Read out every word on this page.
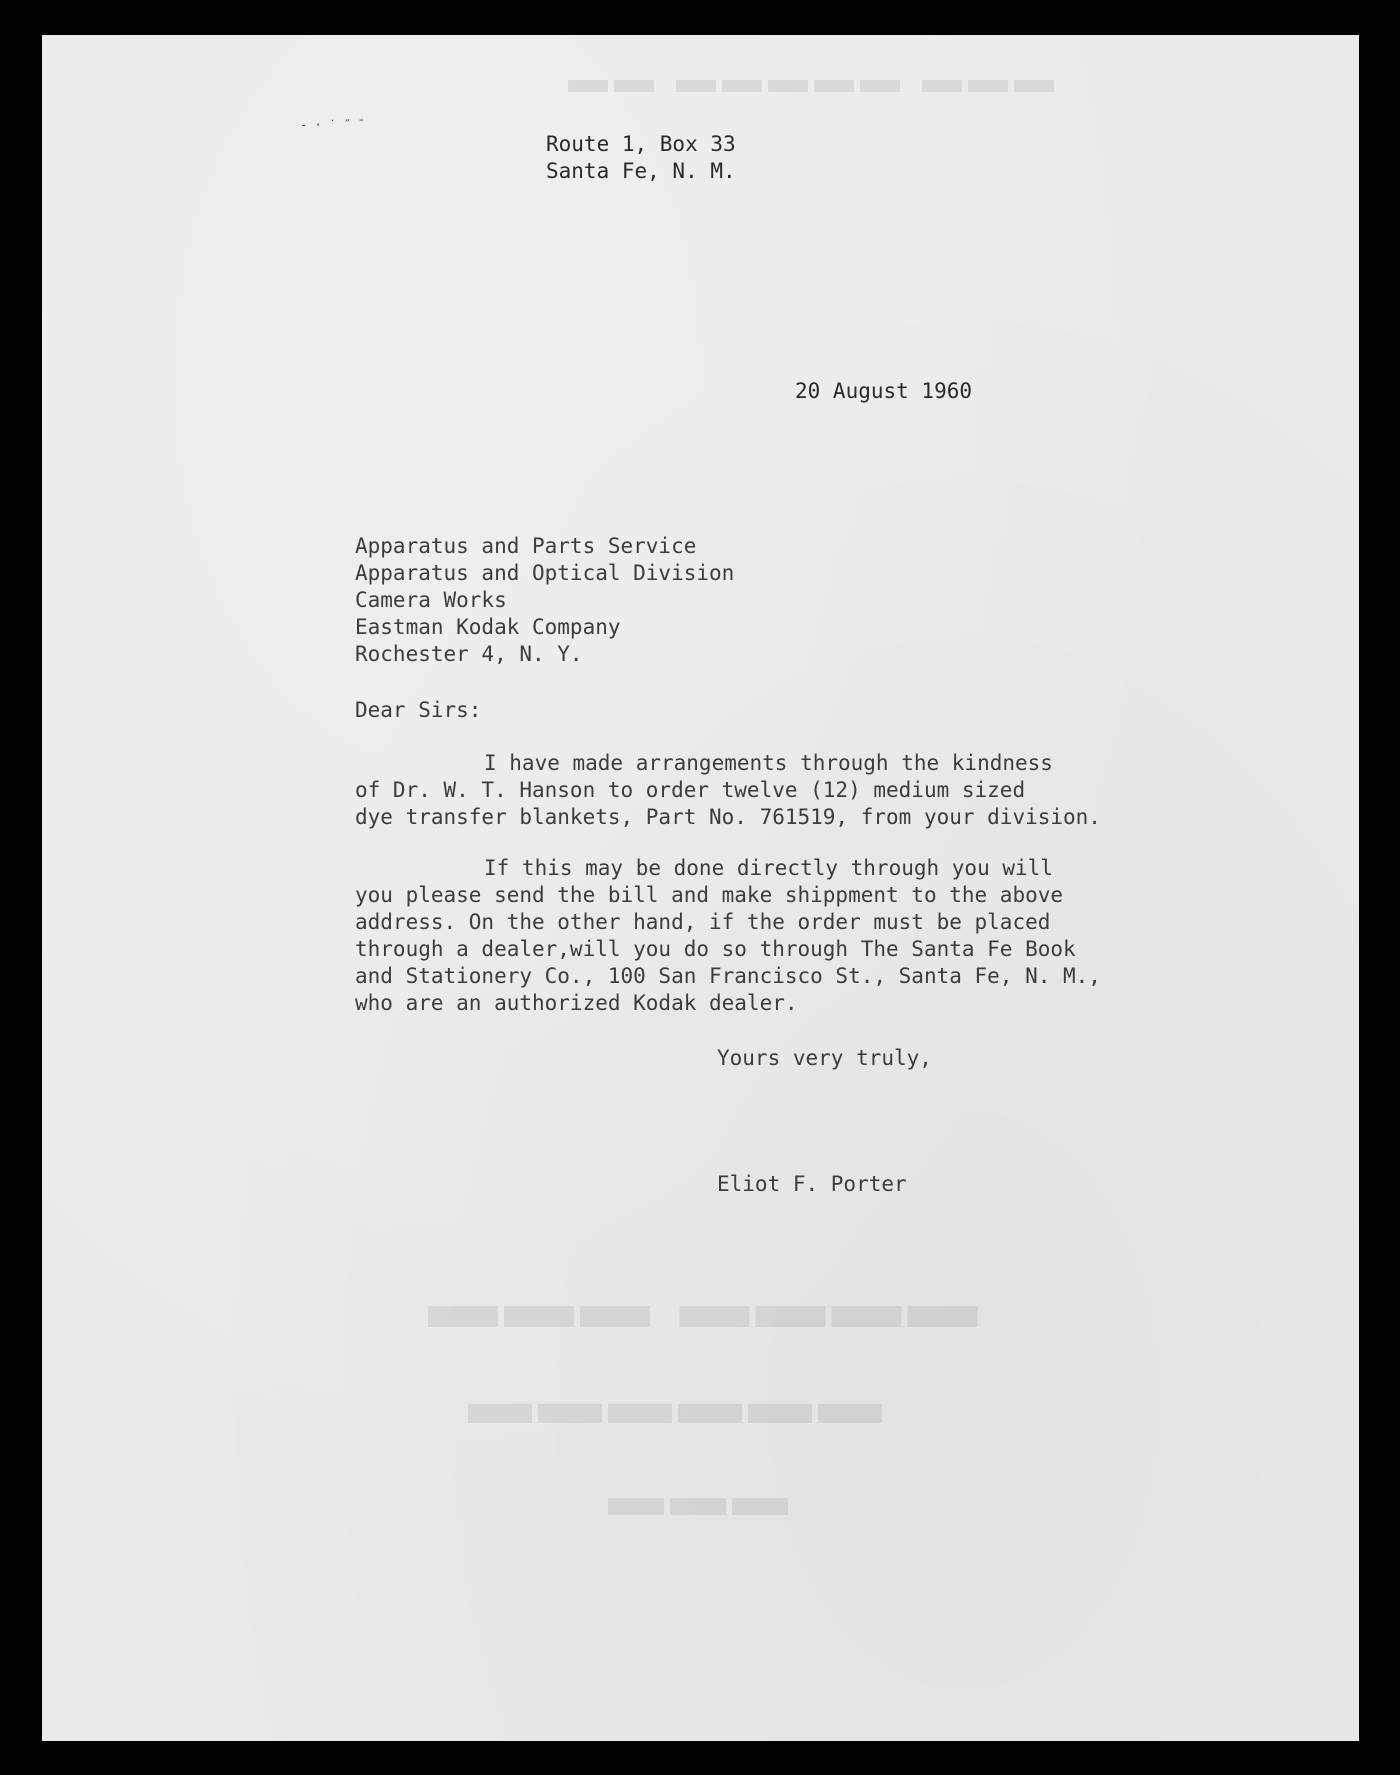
▬▬▬ ▬▬▬▬▬ ▬▬
▬▬▬▬ ▬▬▬
▬▬▬▬▬▬
▬▬▬
- · ˙ ˝ ˉ
Route 1, Box 33
Santa Fe, N. M.
20 August 1960
Apparatus and Parts Service
Apparatus and Optical Division
Camera Works
Eastman Kodak Company
Rochester 4, N. Y.
Dear Sirs:
I have made arrangements through the kindness
of Dr. W. T. Hanson to order twelve (12) medium sized
dye transfer blankets, Part No. 761519, from your division.
If this may be done directly through you will
you please send the bill and make shippment to the above
address. On the other hand, if the order must be placed
through a dealer,will you do so through The Santa Fe Book
and Stationery Co., 100 San Francisco St., Santa Fe, N. M.,
who are an authorized Kodak dealer.
Yours very truly,
Eliot F. Porter
